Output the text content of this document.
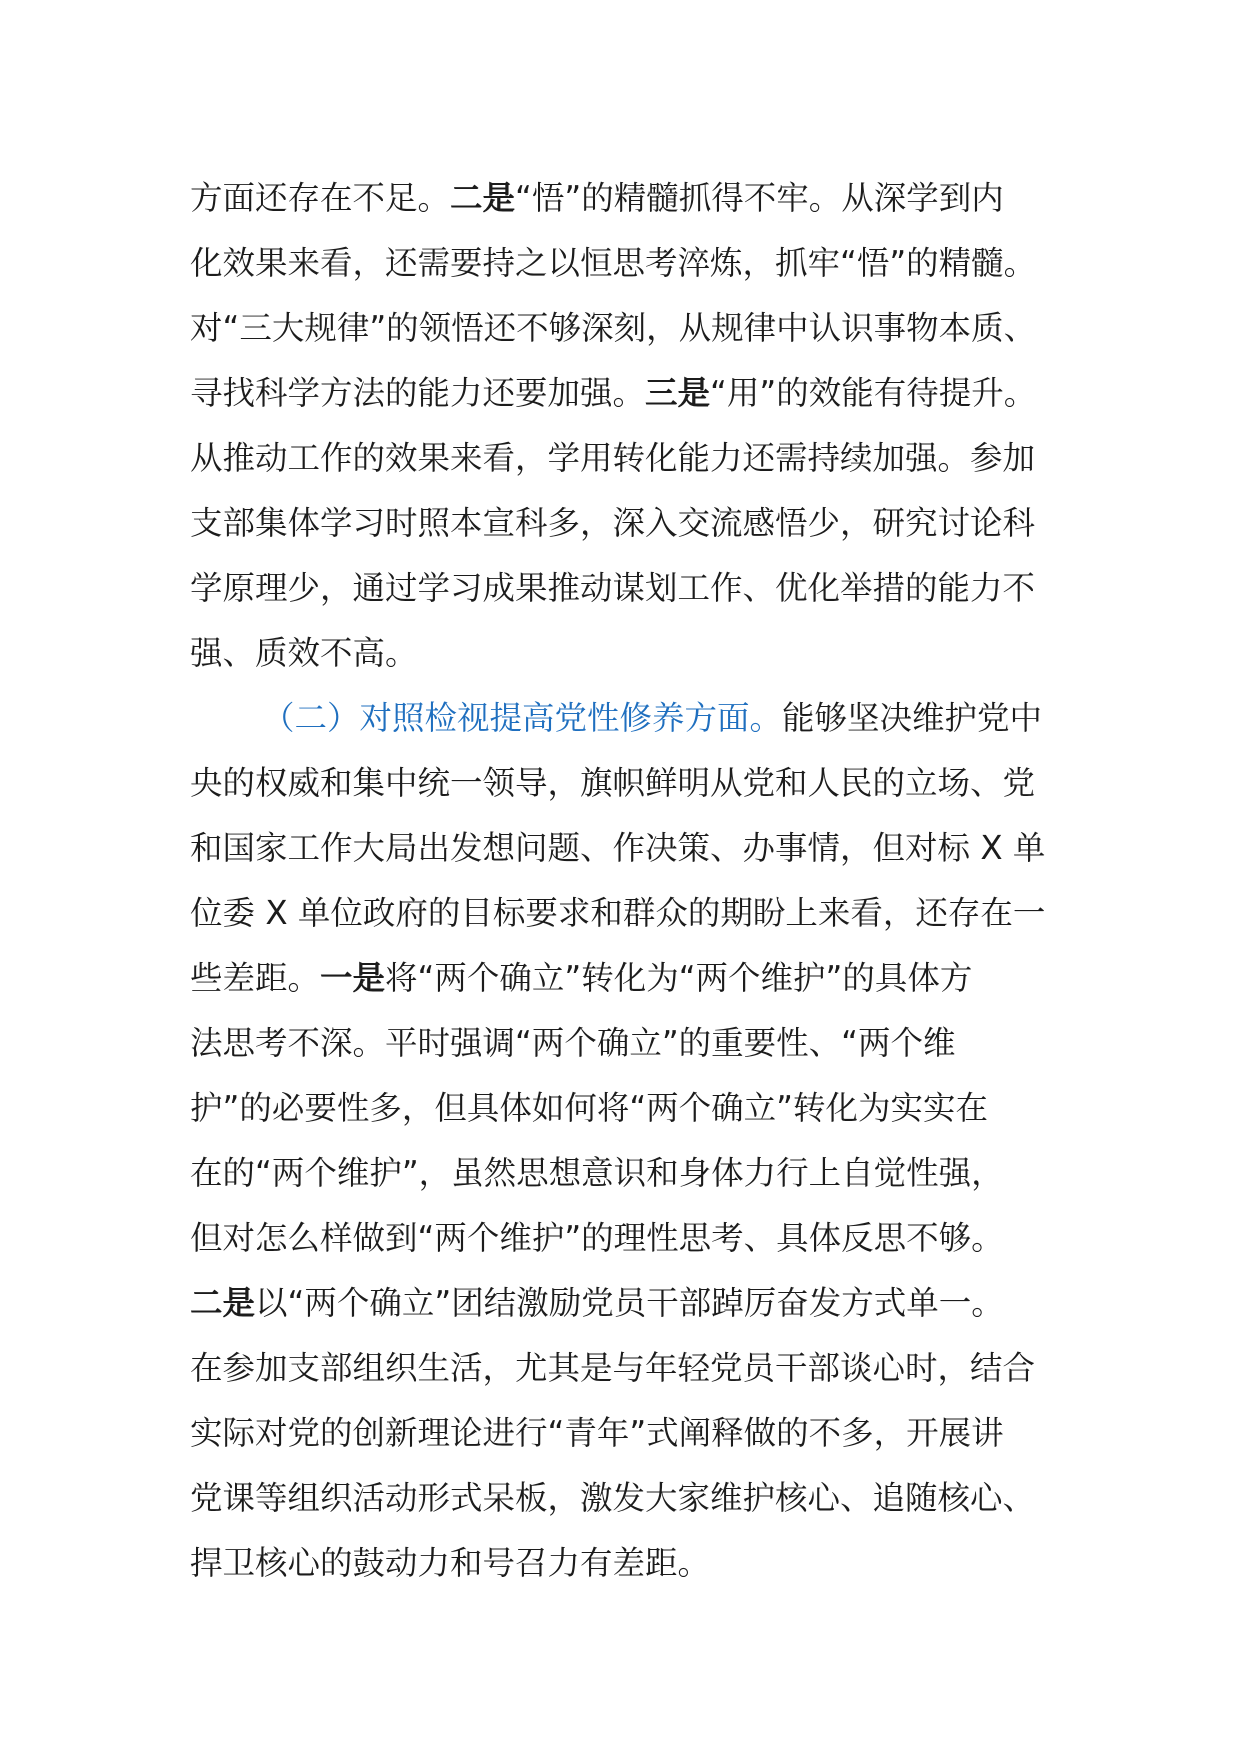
方面还存在不足。二是“悟”的精髓抓得不牢。从深学到内
化效果来看，还需要持之以恒思考淬炼，抓牢“悟”的精髓。
对“三大规律”的领悟还不够深刻，从规律中认识事物本质、
寻找科学方法的能力还要加强。三是“用”的效能有待提升。
从推动工作的效果来看，学用转化能力还需持续加强。参加
支部集体学习时照本宣科多，深入交流感悟少，研究讨论科
学原理少，通过学习成果推动谋划工作、优化举措的能力不
强、质效不高。
（二）对照检视提高党性修养方面。能够坚决维护党中
央的权威和集中统一领导，旗帜鲜明从党和人民的立场、党
和国家工作大局出发想问题、作决策、办事情，但对标 X 单
位委 X 单位政府的目标要求和群众的期盼上来看，还存在一
些差距。一是将“两个确立”转化为“两个维护”的具体方
法思考不深。平时强调“两个确立”的重要性、“两个维
护”的必要性多，但具体如何将“两个确立”转化为实实在
在的“两个维护”，虽然思想意识和身体力行上自觉性强，
但对怎么样做到“两个维护”的理性思考、具体反思不够。
二是以“两个确立”团结激励党员干部踔厉奋发方式单一。
在参加支部组织生活，尤其是与年轻党员干部谈心时，结合
实际对党的创新理论进行“青年”式阐释做的不多，开展讲
党课等组织活动形式呆板，激发大家维护核心、追随核心、
捍卫核心的鼓动力和号召力有差距。
